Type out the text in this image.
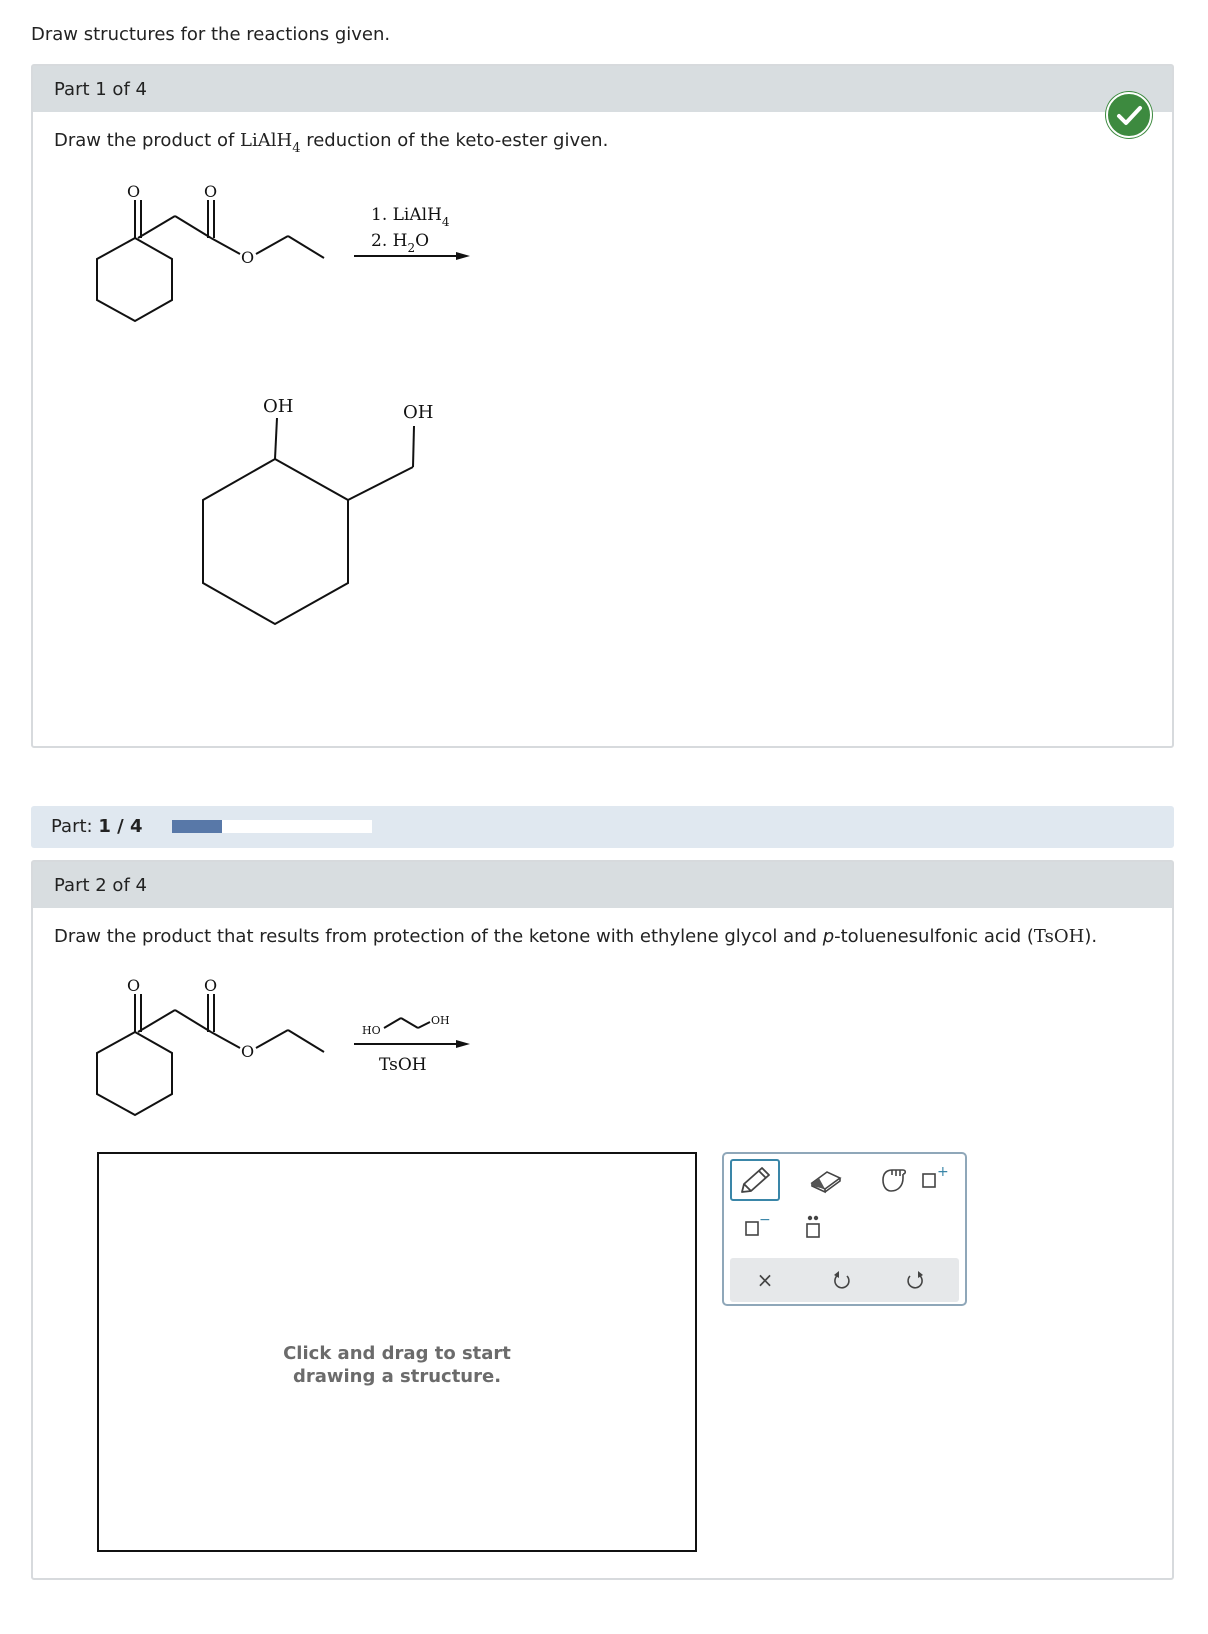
Draw structures for the reactions given.
Part 1 of 4
Draw the product of LiAlH$_4$ reduction of the keto-ester given.
O	O
O
1. LiAlH$_4$
2. $H_2O$
OH	OH
Part: 1 / 4
Part 2 of 4
Draw the product that results from protection of the ketone with ethylene glycol and p-toluenesulfonic acid (TsOH).
O	O
O
HO
OH
TsOH
Click and drag to start
drawing a structure.
+
−
×
